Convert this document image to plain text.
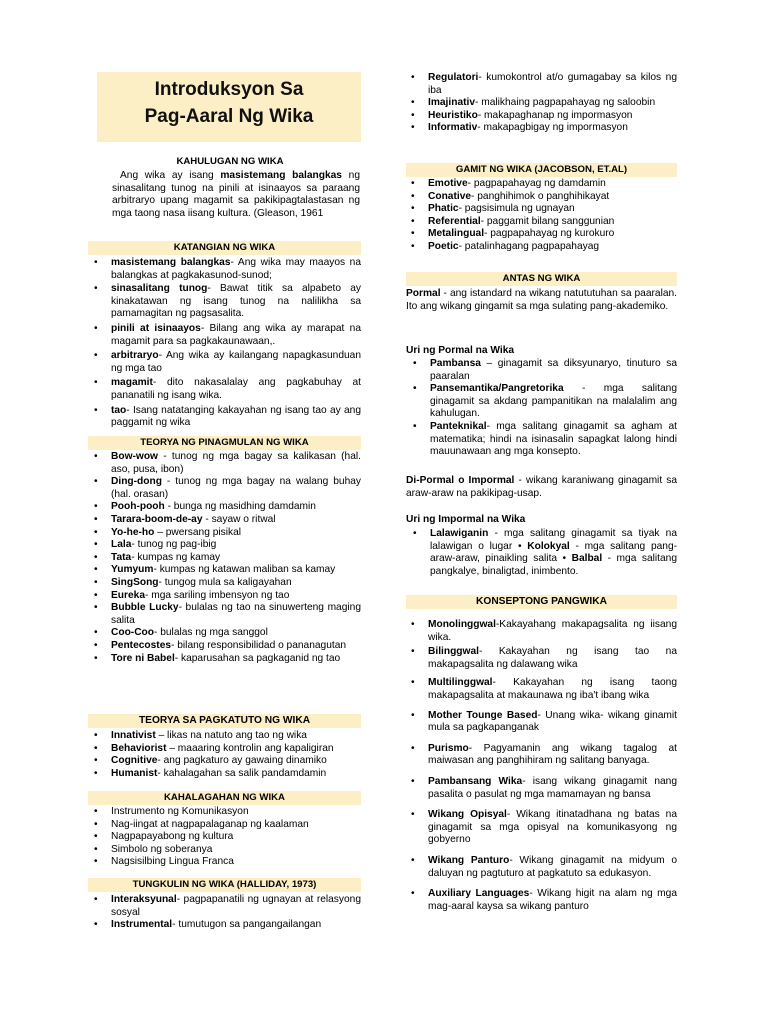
Introduksyon Sa
Pag-Aaral Ng Wika
KAHULUGAN NG WIKA
Ang wika ay isang masistemang balangkas ng sinasalitang tunog na pinili at isinaayos sa paraang arbitraryo upang magamit sa pakikipagtalastasan ng mga taong nasa iisang kultura. (Gleason, 1961
KATANGIAN NG WIKA
• masistemang balangkas- Ang wika may maayos na balangkas at pagkakasunod-sunod;
• sinasalitang tunog- Bawat titik sa alpabeto ay kinakatawan ng isang tunog na nalilikha sa pamamagitan ng pagsasalita.
• pinili at isinaayos- Bilang ang wika ay marapat na magamit para sa pagkakaunawaan,.
• arbitraryo- Ang wika ay kailangang napagkasunduan ng mga tao
• magamit- dito nakasalalay ang pagkabuhay at pananatili ng isang wika.
• tao- Isang natatanging kakayahan ng isang tao ay ang paggamit ng wika
TEORYA NG PINAGMULAN NG WIKA
• Bow-wow - tunog ng mga bagay sa kalikasan (hal. aso, pusa, ibon)
• Ding-dong - tunog ng mga bagay na walang buhay (hal. orasan)
• Pooh-pooh - bunga ng masidhing damdamin
• Tarara-boom-de-ay - sayaw o ritwal
• Yo-he-ho – pwersang pisikal
• Lala- tunog ng pag-ibig
• Tata- kumpas ng kamay
• Yumyum- kumpas ng katawan maliban sa kamay
• SingSong- tungog mula sa kaligayahan
• Eureka- mga sariling imbensyon ng tao
• Bubble Lucky- bulalas ng tao na sinuwerteng maging salita
• Coo-Coo- bulalas ng mga sanggol
• Pentecostes- bilang responsibilidad o pananagutan
• Tore ni Babel- kaparusahan sa pagkaganid ng tao
TEORYA SA PAGKATUTO NG WIKA
• Innativist – likas na natuto ang tao ng wika
• Behaviorist – maaaring kontrolin ang kapaligiran
• Cognitive- ang pagkaturo ay gawaing dinamiko
• Humanist- kahalagahan sa salik pandamdamin
KAHALAGAHAN NG WIKA
• Instrumento ng Komunikasyon
• Nag-iingat at nagpapalaganap ng kaalaman
• Nagpapayabong ng kultura
• Simbolo ng soberanya
• Nagsisilbing Lingua Franca
TUNGKULIN NG WIKA (HALLIDAY, 1973)
• Interaksyunal- pagpapanatili ng ugnayan at relasyong sosyal
• Instrumental- tumutugon sa pangangailangan
• Regulatori- kumokontrol at/o gumagabay sa kilos ng iba
• Imajinativ- malikhaing pagpapahayag ng saloobin
• Heuristiko- makapaghanap ng impormasyon
• Informativ- makapagbigay ng impormasyon
GAMIT NG WIKA (JACOBSON, ET.AL)
• Emotive- pagpapahayag ng damdamin
• Conative- panghihimok o panghihikayat
• Phatic- pagsisimula ng ugnayan
• Referential- paggamit bilang sanggunian
• Metalingual- pagpapahayag ng kurokuro
• Poetic- patalinhagang pagpapahayag
ANTAS NG WIKA
Pormal - ang istandard na wikang natututuhan sa paaralan. Ito ang wikang gingamit sa mga sulating pang-akademiko.
Uri ng Pormal na Wika
• Pambansa – ginagamit sa diksyunaryo, tinuturo sa paaralan
• Pansemantika/Pangretorika - mga salitang ginagamit sa akdang pampanitikan na malalalim ang kahulugan.
• Panteknikal- mga salitang ginagamit sa agham at matematika; hindi na isinasalin sapagkat lalong hindi mauunawaan ang mga konsepto.
Di-Pormal o Impormal - wikang karaniwang ginagamit sa araw-araw na pakikipag-usap.
Uri ng Impormal na Wika
• Lalawiganin - mga salitang ginagamit sa tiyak na lalawigan o lugar • Kolokyal - mga salitang pang-araw-araw, pinaikling salita • Balbal - mga salitang pangkalye, binaligtad, inimbento.
KONSEPTONG PANGWIKA
• Monolinggwal-Kakayahang makapagsalita ng iisang wika.
• Bilinggwal- Kakayahan ng isang tao na makapagsalita ng dalawang wika
• Multilinggwal- Kakayahan ng isang taong makapagsalita at makaunawa ng iba't ibang wika
• Mother Tounge Based- Unang wika- wikang ginamit mula sa pagkapanganak
• Purismo- Pagyamanin ang wikang tagalog at maiwasan ang panghihiram ng salitang banyaga.
• Pambansang Wika- isang wikang ginagamit nang pasalita o pasulat ng mga mamamayan ng bansa
• Wikang Opisyal- Wikang itinatadhana ng batas na ginagamit sa mga opisyal na komunikasyong ng gobyerno
• Wikang Panturo- Wikang ginagamit na midyum o daluyan ng pagtuturo at pagkatuto sa edukasyon.
• Auxiliary Languages- Wikang higit na alam ng mga mag-aaral kaysa sa wikang panturo
